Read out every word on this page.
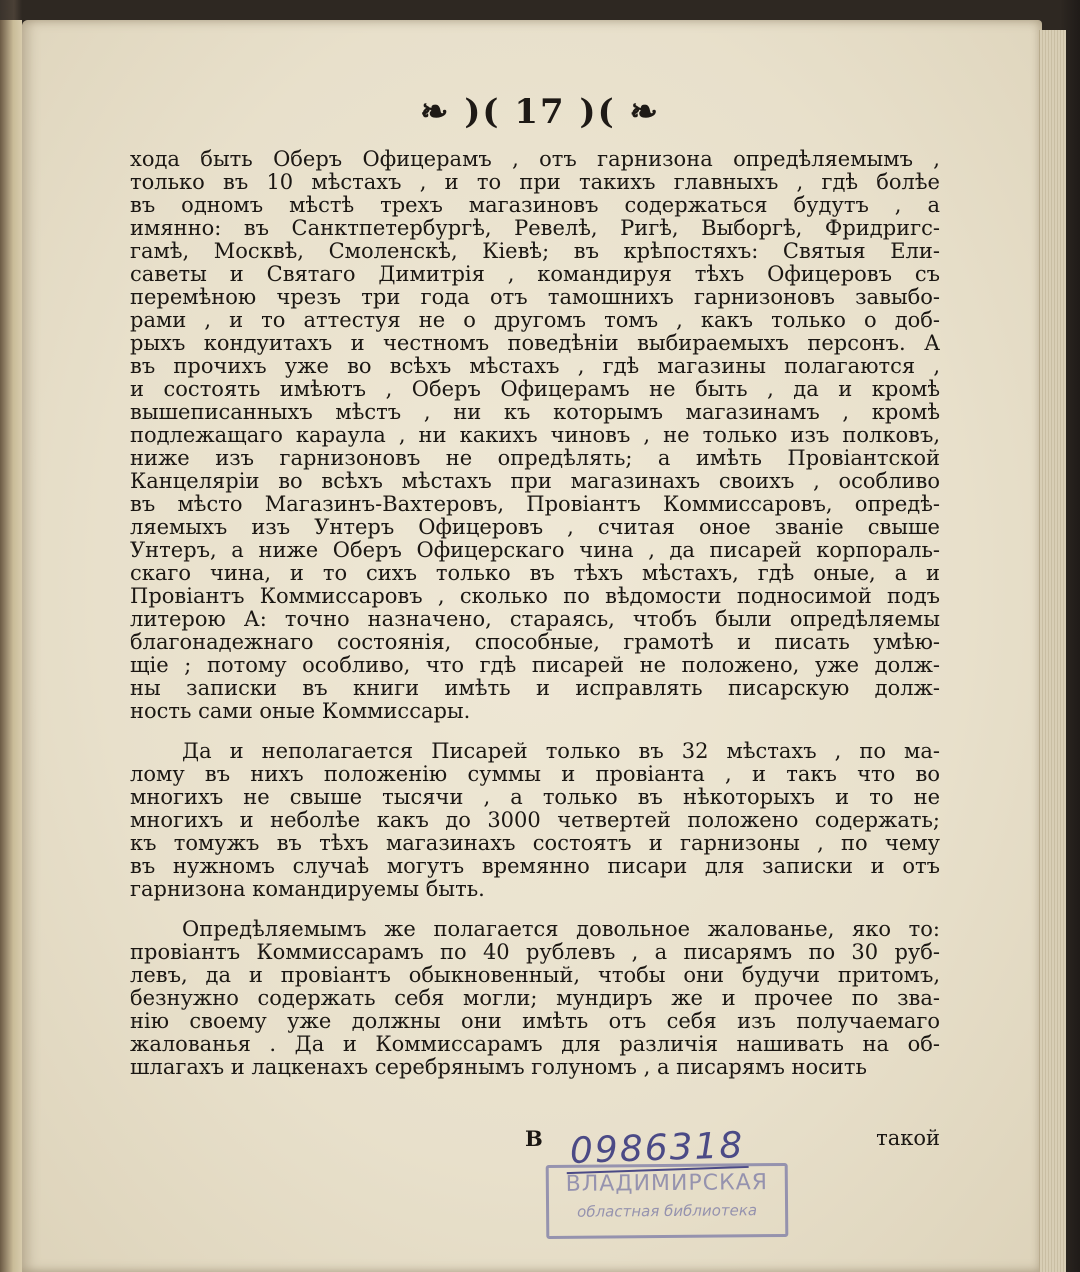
❧ )( 17 )( ❧
хода быть Оберъ Офицерамъ , отъ гарнизона опредѣляемымъ ,
только въ 10 мѣстахъ , и то при такихъ главныхъ , гдѣ болѣе
въ одномъ мѣстѣ трехъ магазиновъ содержаться будутъ , а
имянно: въ Санктпетербургѣ, Ревелѣ, Ригѣ, Выборгѣ, Фридригс-
гамѣ, Москвѣ, Смоленскѣ, Кіевѣ; въ крѣпостяхъ: Святыя Ели-
саветы и Святаго Димитрія , командируя тѣхъ Офицеровъ съ
перемѣною чрезъ три года отъ тамошнихъ гарнизоновъ завыбо-
рами , и то аттестуя не о другомъ томъ , какъ только о доб-
рыхъ кондуитахъ и честномъ поведѣніи выбираемыхъ персонъ. А
въ прочихъ уже во всѣхъ мѣстахъ , гдѣ магазины полагаются ,
и состоять имѣютъ , Оберъ Офицерамъ не быть , да и кромѣ
вышеписанныхъ мѣстъ , ни къ которымъ магазинамъ , кромѣ
подлежащаго караула , ни какихъ чиновъ , не только изъ полковъ,
ниже изъ гарнизоновъ не опредѣлять; а имѣть Провіантской
Канцеляріи во всѣхъ мѣстахъ при магазинахъ своихъ , особливо
въ мѣсто Магазинъ-Вахтеровъ, Провіантъ Коммиссаровъ, опредѣ-
ляемыхъ изъ Унтеръ Офицеровъ , считая оное званіе свыше
Унтеръ, а ниже Оберъ Офицерскаго чина , да писарей корпораль-
скаго чина, и то сихъ только въ тѣхъ мѣстахъ, гдѣ оные, а и
Провіантъ Коммиссаровъ , сколько по вѣдомости подносимой подъ
литерою А: точно назначено, стараясь, чтобъ были опредѣляемы
благонадежнаго состоянія, способные, грамотѣ и писать умѣю-
щіе ; потому особливо, что гдѣ писарей не положено, уже долж-
ны записки въ книги имѣть и исправлять писарскую долж-
ность сами оные Коммиссары.
Да и неполагается Писарей только въ 32 мѣстахъ , по ма-
лому въ нихъ положенію суммы и провіанта , и такъ что во
многихъ не свыше тысячи , а только въ нѣкоторыхъ и то не
многихъ и неболѣе какъ до 3000 четвертей положено содержать;
къ томужъ въ тѣхъ магазинахъ состоятъ и гарнизоны , по чему
въ нужномъ случаѣ могутъ времянно писари для записки и отъ
гарнизона командируемы быть.
Опредѣляемымъ же полагается довольное жалованье, яко то:
провіантъ Коммиссарамъ по 40 рублевъ , а писарямъ по 30 руб-
левъ, да и провіантъ обыкновенный, чтобы они будучи притомъ,
безнужно содержать себя могли; мундиръ же и прочее по зва-
нію своему уже должны они имѣть отъ себя изъ получаемаго
жалованья . Да и Коммиссарамъ для различія нашивать на об-
шлагахъ и лацкенахъ серебрянымъ голуномъ , а писарямъ носить
В	такой
0986318
ВЛАДИМИРСКАЯ
областная библиотека
